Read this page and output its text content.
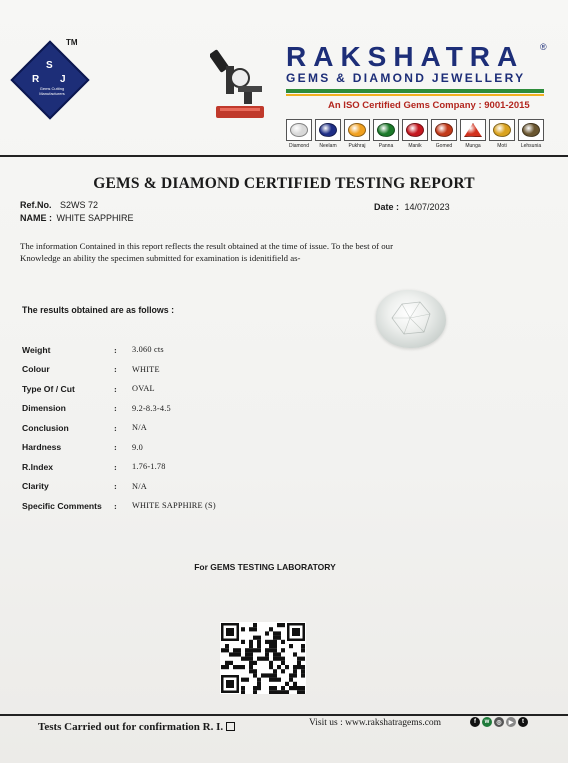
TM
S
R J
Gems Cutting Manufacturers
RAKSHATRA	®
GEMS & DIAMOND JEWELLERY
An ISO Certified Gems Company : 9001-2015
Diamond Neelam Pukhraj	Panna	Manik	Gomed	Munga	Moti	Lehsunia
GEMS & DIAMOND CERTIFIED TESTING REPORT
Ref.No. S2WS 72
NAME : WHITE SAPPHIRE
Date : 14/07/2023
The information Contained in this report reflects the result obtained at the time of issue. To the best of our
Knowledge an ability the specimen submitted for examination is idenitifield as-
The results obtained are as follows :
Weight	:	3.060 cts
Colour	:	WHITE
Type Of / Cut	:	OVAL
Dimension	:	9.2-8.3-4.5
Conclusion	:	N/A
Hardness	:	9.0
R.Index	:	1.76-1.78
Clarity	:	N/A
Specific Comments	:	WHITE SAPPHIRE (S)
For GEMS TESTING LABORATORY
Tests Carried out for confirmation R. I.	Visit us : www.rakshatragems.com	f	w	◎	▶	t
